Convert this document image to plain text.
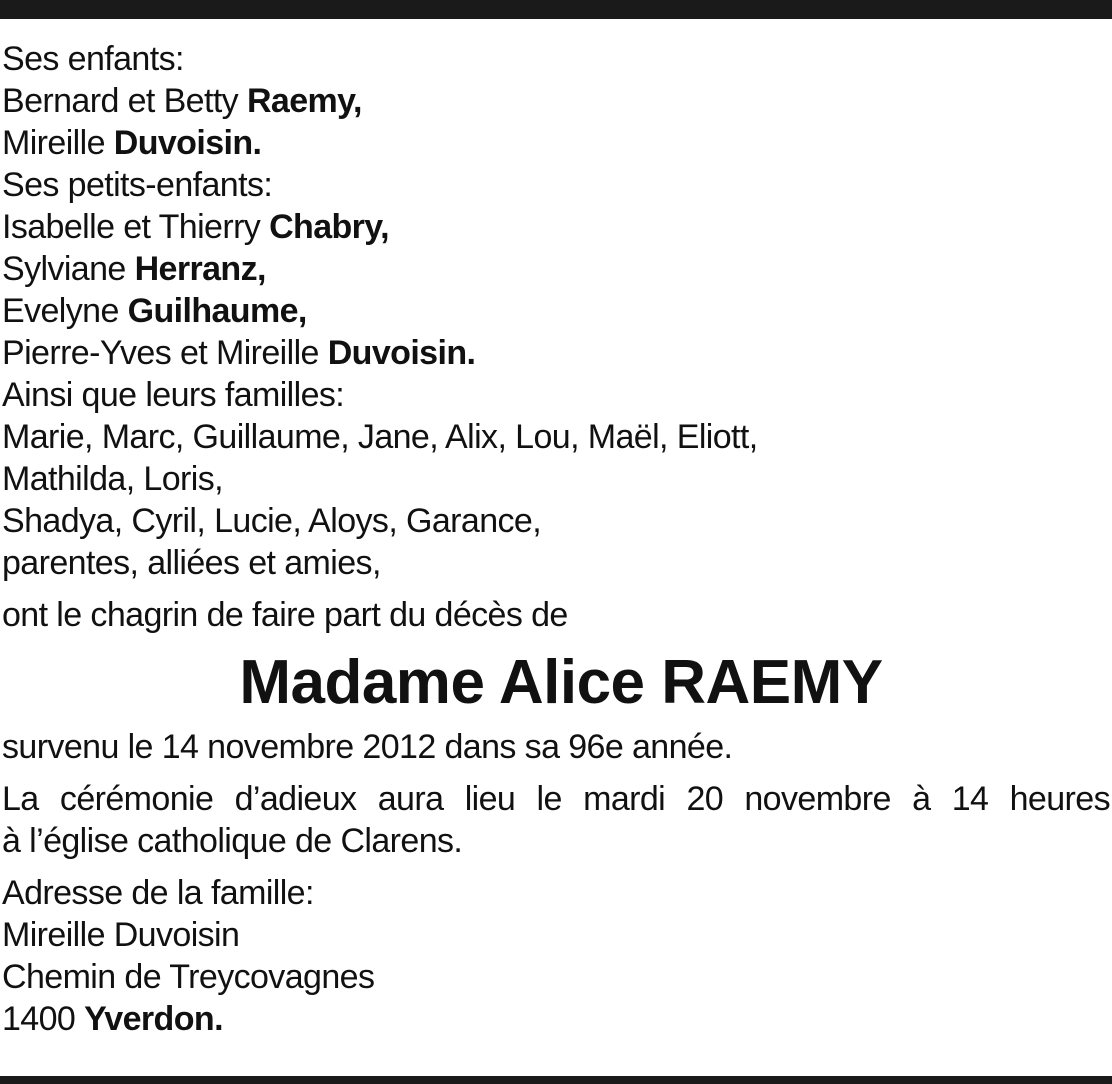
Ses enfants:
Bernard et Betty Raemy,
Mireille Duvoisin.
Ses petits-enfants:
Isabelle et Thierry Chabry,
Sylviane Herranz,
Evelyne Guilhaume,
Pierre-Yves et Mireille Duvoisin.
Ainsi que leurs familles:
Marie, Marc, Guillaume, Jane, Alix, Lou, Maël, Eliott,
Mathilda, Loris,
Shadya, Cyril, Lucie, Aloys, Garance,
parentes, alliées et amies,
ont le chagrin de faire part du décès de
Madame Alice RAEMY
survenu le 14 novembre 2012 dans sa 96e année.
La cérémonie d’adieux aura lieu le mardi 20 novembre à 14 heures
à l’église catholique de Clarens.
Adresse de la famille:
Mireille Duvoisin
Chemin de Treycovagnes
1400 Yverdon.
